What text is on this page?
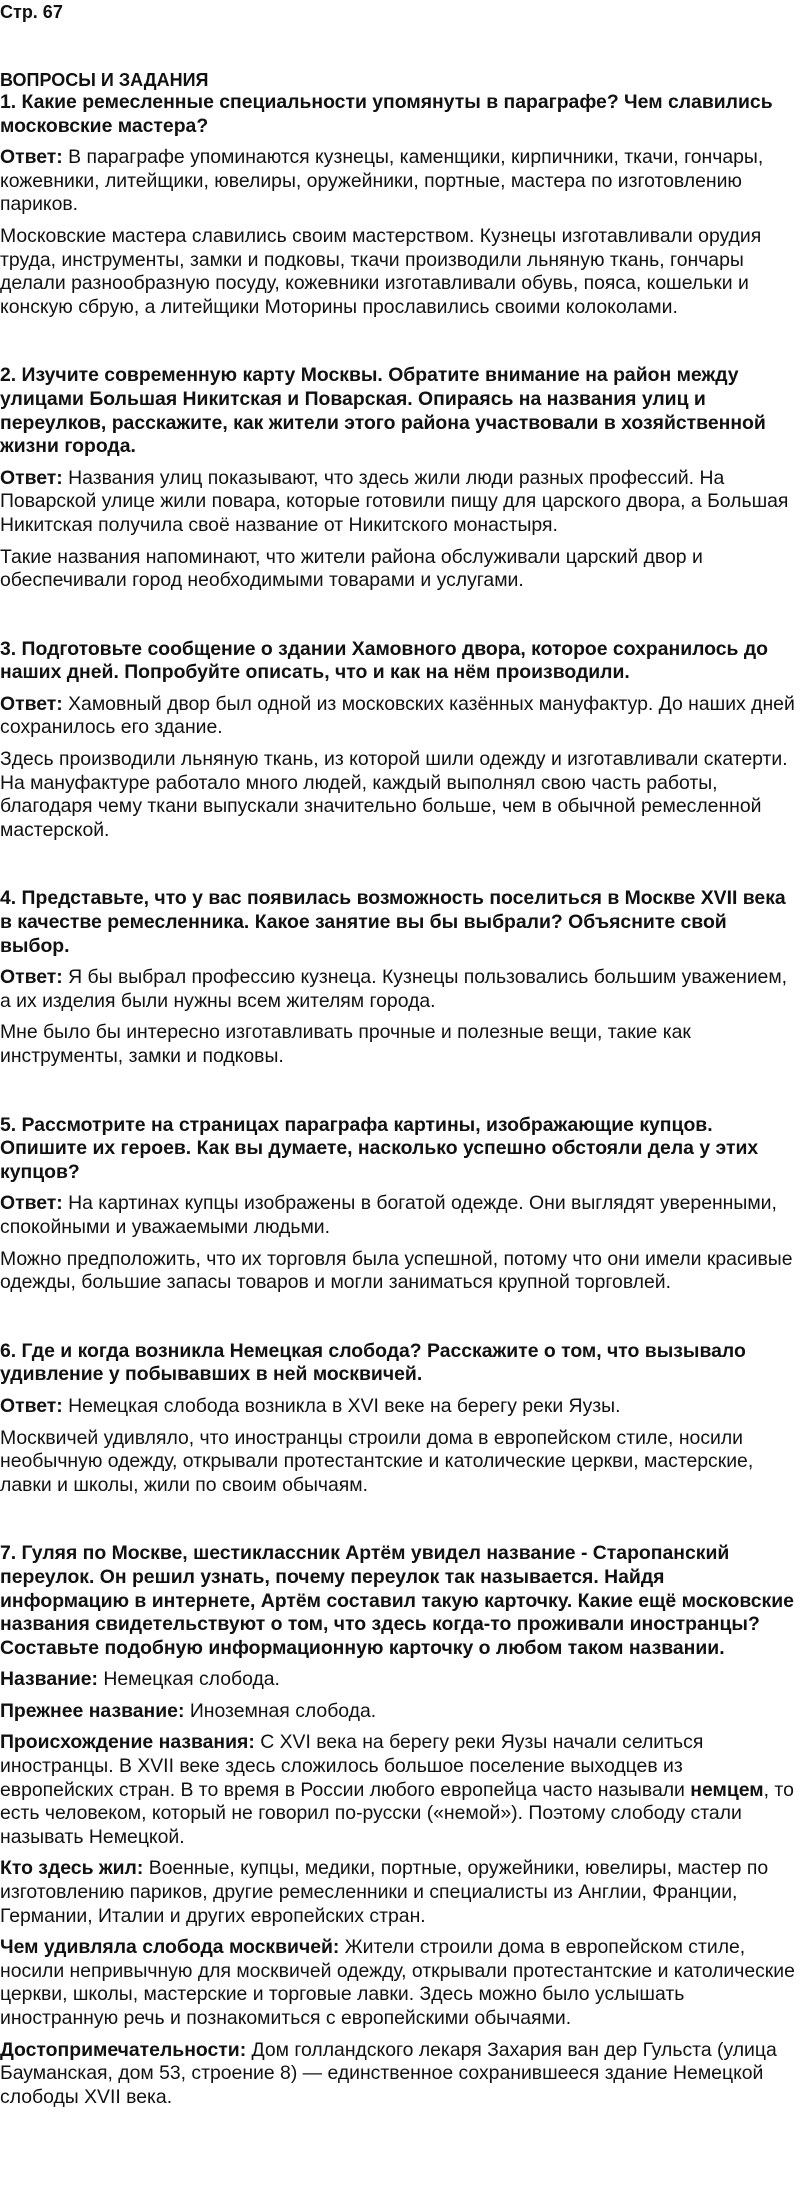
Стр. 67

ВОПРОСЫ И ЗАДАНИЯ

1. Какие ремесленные специальности упомянуты в параграфе? Чем славились московские мастера?

Ответ: В параграфе упоминаются кузнецы, каменщики, кирпичники, ткачи, гончары, кожевники, литейщики, ювелиры, оружейники, портные, мастера по изготовлению париков.

Московские мастера славились своим мастерством. Кузнецы изготавливали орудия труда, инструменты, замки и подковы, ткачи производили льняную ткань, гончары делали разнообразную посуду, кожевники изготавливали обувь, пояса, кошельки и конскую сбрую, а литейщики Моторины прославились своими колоколами.

2. Изучите современную карту Москвы. Обратите внимание на район между улицами Большая Никитская и Поварская. Опираясь на названия улиц и переулков, расскажите, как жители этого района участвовали в хозяйственной жизни города.

Ответ: Названия улиц показывают, что здесь жили люди разных профессий. На Поварской улице жили повара, которые готовили пищу для царского двора, а Большая Никитская получила своё название от Никитского монастыря.

Такие названия напоминают, что жители района обслуживали царский двор и обеспечивали город необходимыми товарами и услугами.

3. Подготовьте сообщение о здании Хамовного двора, которое сохранилось до наших дней. Попробуйте описать, что и как на нём производили.

Ответ: Хамовный двор был одной из московских казённых мануфактур. До наших дней сохранилось его здание.

Здесь производили льняную ткань, из которой шили одежду и изготавливали скатерти. На мануфактуре работало много людей, каждый выполнял свою часть работы, благодаря чему ткани выпускали значительно больше, чем в обычной ремесленной мастерской.

4. Представьте, что у вас появилась возможность поселиться в Москве XVII века в качестве ремесленника. Какое занятие вы бы выбрали? Объясните свой выбор.

Ответ: Я бы выбрал профессию кузнеца. Кузнецы пользовались большим уважением, а их изделия были нужны всем жителям города.

Мне было бы интересно изготавливать прочные и полезные вещи, такие как инструменты, замки и подковы.

5. Рассмотрите на страницах параграфа картины, изображающие купцов. Опишите их героев. Как вы думаете, насколько успешно обстояли дела у этих купцов?

Ответ: На картинах купцы изображены в богатой одежде. Они выглядят уверенными, спокойными и уважаемыми людьми.

Можно предположить, что их торговля была успешной, потому что они имели красивые одежды, большие запасы товаров и могли заниматься крупной торговлей.

6. Где и когда возникла Немецкая слобода? Расскажите о том, что вызывало удивление у побывавших в ней москвичей.

Ответ: Немецкая слобода возникла в XVI веке на берегу реки Яузы.

Москвичей удивляло, что иностранцы строили дома в европейском стиле, носили необычную одежду, открывали протестантские и католические церкви, мастерские, лавки и школы, жили по своим обычаям.

7. Гуляя по Москве, шестиклассник Артём увидел название - Старопанский переулок. Он решил узнать, почему переулок так называется. Найдя информацию в интернете, Артём составил такую карточку. Какие ещё московские названия свидетельствуют о том, что здесь когда-то проживали иностранцы? Составьте подобную информационную карточку о любом таком названии.

Название: Немецкая слобода.

Прежнее название: Иноземная слобода.

Происхождение названия: С XVI века на берегу реки Яузы начали селиться иностранцы. В XVII веке здесь сложилось большое поселение выходцев из европейских стран. В то время в России любого европейца часто называли немцем, то есть человеком, который не говорил по-русски («немой»). Поэтому слободу стали называть Немецкой.

Кто здесь жил: Военные, купцы, медики, портные, оружейники, ювелиры, мастер по изготовлению париков, другие ремесленники и специалисты из Англии, Франции, Германии, Италии и других европейских стран.

Чем удивляла слобода москвичей: Жители строили дома в европейском стиле, носили непривычную для москвичей одежду, открывали протестантские и католические церкви, школы, мастерские и торговые лавки. Здесь можно было услышать иностранную речь и познакомиться с европейскими обычаями.

Достопримечательности: Дом голландского лекаря Захария ван дер Гульста (улица Бауманская, дом 53, строение 8) — единственное сохранившееся здание Немецкой слободы XVII века.
